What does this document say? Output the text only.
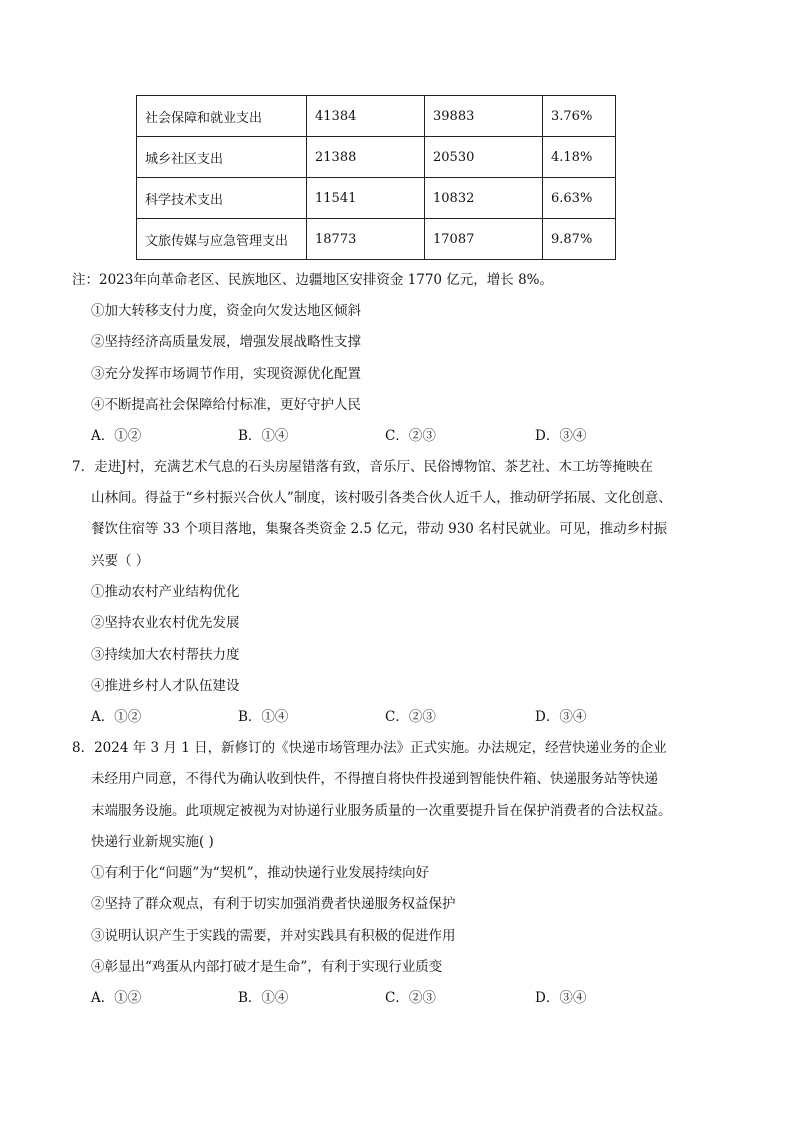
社会保障和就业支出	41384	39883	3.76%
城乡社区支出	21388	20530	4.18%
科学技术支出	11541	10832	6.63%
文旅传媒与应急管理支出	18773	17087	9.87%
注：2023年向革命老区、民族地区、边疆地区安排资金 1770 亿元，增长 8%。
①加大转移支付力度，资金向欠发达地区倾斜
②坚持经济高质量发展，增强发展战略性支撑
③充分发挥市场调节作用，实现资源优化配置
④不断提高社会保障给付标准，更好守护人民
A．①②	B．①④	C．②③	D．③④
7．走进J村，充满艺术气息的石头房屋错落有致，音乐厅、民俗博物馆、茶艺社、木工坊等掩映在
山林间。得益于“乡村振兴合伙人”制度，该村吸引各类合伙人近千人，推动研学拓展、文化创意、
餐饮住宿等 33 个项目落地，集聚各类资金 2.5 亿元，带动 930 名村民就业。可见，推动乡村振
兴要（ ）
①推动农村产业结构优化
②坚持农业农村优先发展
③持续加大农村帮扶力度
④推进乡村人才队伍建设
A．①②	B．①④	C．②③	D．③④
8．2024 年 3 月 1 日，新修订的《快递市场管理办法》正式实施。办法规定，经营快递业务的企业
未经用户同意，不得代为确认收到快件，不得擅自将快件投递到智能快件箱、快递服务站等快递
末端服务设施。此项规定被视为对协递行业服务质量的一次重要提升旨在保护消费者的合法权益。
快递行业新规实施( )
①有利于化“问题”为“契机”，推动快递行业发展持续向好
②坚持了群众观点，有利于切实加强消费者快递服务权益保护
③说明认识产生于实践的需要，并对实践具有积极的促进作用
④彰显出“鸡蛋从内部打破才是生命”，有利于实现行业质变
A．①②	B．①④	C．②③	D．③④
